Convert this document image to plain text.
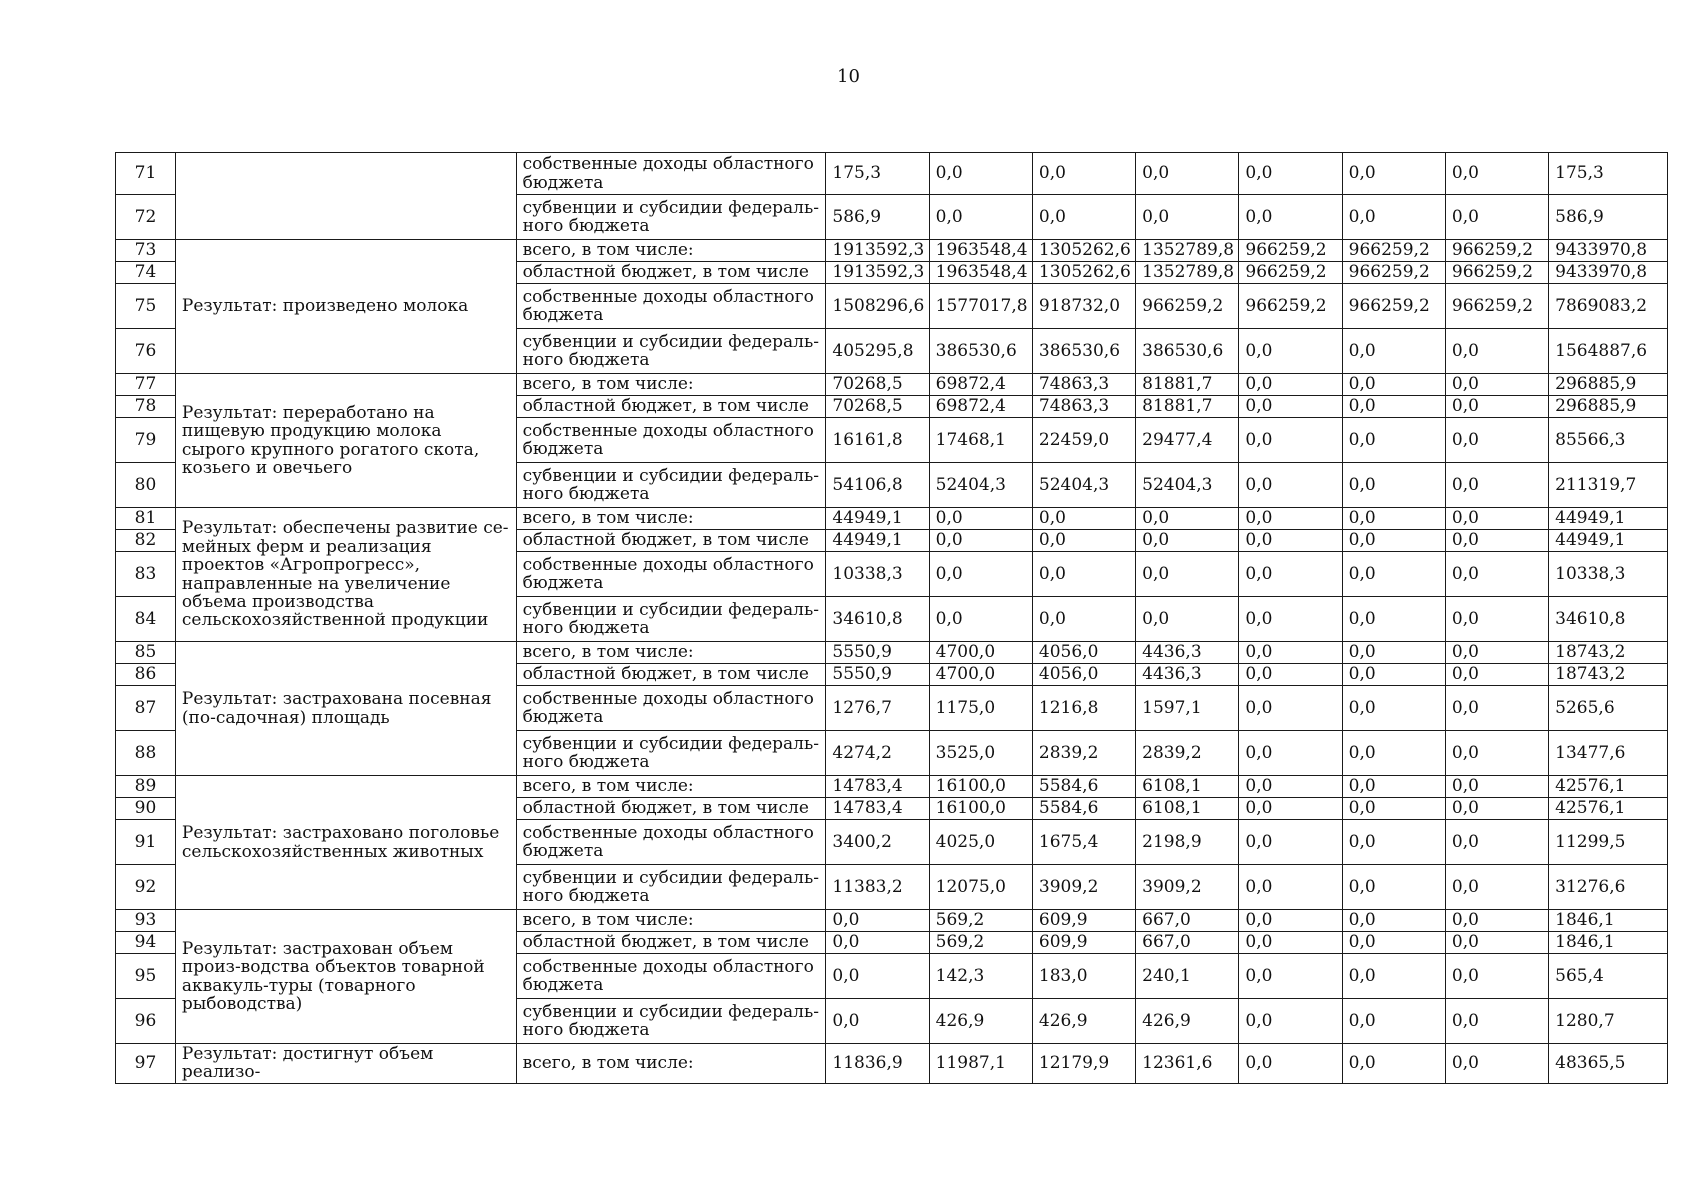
10
71		собственные доходы областного бюджета	175,3	0,0	0,0	0,0	0,0	0,0	0,0	175,3
72		субвенции и субсидии федераль-ного бюджета	586,9	0,0	0,0	0,0	0,0	0,0	0,0	586,9
73	Результат: произведено молока	всего, в том числе:	1913592,3	1963548,4	1305262,6	1352789,8	966259,2	966259,2	966259,2	9433970,8
74		областной бюджет, в том числе	1913592,3	1963548,4	1305262,6	1352789,8	966259,2	966259,2	966259,2	9433970,8
75		собственные доходы областного бюджета	1508296,6	1577017,8	918732,0	966259,2	966259,2	966259,2	966259,2	7869083,2
76		субвенции и субсидии федераль-ного бюджета	405295,8	386530,6	386530,6	386530,6	0,0	0,0	0,0	1564887,6
77	Результат: переработано на пищевую продукцию молока сырого крупного рогатого скота, козьего и овечьего	всего, в том числе:	70268,5	69872,4	74863,3	81881,7	0,0	0,0	0,0	296885,9
78		областной бюджет, в том числе	70268,5	69872,4	74863,3	81881,7	0,0	0,0	0,0	296885,9
79		собственные доходы областного бюджета	16161,8	17468,1	22459,0	29477,4	0,0	0,0	0,0	85566,3
80		субвенции и субсидии федераль-ного бюджета	54106,8	52404,3	52404,3	52404,3	0,0	0,0	0,0	211319,7
81	Результат: обеспечены развитие се-мейных ферм и реализация проектов «Агропрогресс», направленные на увеличение объема производства сельскохозяйственной продукции	всего, в том числе:	44949,1	0,0	0,0	0,0	0,0	0,0	0,0	44949,1
82		областной бюджет, в том числе	44949,1	0,0	0,0	0,0	0,0	0,0	0,0	44949,1
83		собственные доходы областного бюджета	10338,3	0,0	0,0	0,0	0,0	0,0	0,0	10338,3
84		субвенции и субсидии федераль-ного бюджета	34610,8	0,0	0,0	0,0	0,0	0,0	0,0	34610,8
85	Результат: застрахована посевная (по-садочная) площадь	всего, в том числе:	5550,9	4700,0	4056,0	4436,3	0,0	0,0	0,0	18743,2
86		областной бюджет, в том числе	5550,9	4700,0	4056,0	4436,3	0,0	0,0	0,0	18743,2
87		собственные доходы областного бюджета	1276,7	1175,0	1216,8	1597,1	0,0	0,0	0,0	5265,6
88		субвенции и субсидии федераль-ного бюджета	4274,2	3525,0	2839,2	2839,2	0,0	0,0	0,0	13477,6
89	Результат: застраховано поголовье сельскохозяйственных животных	всего, в том числе:	14783,4	16100,0	5584,6	6108,1	0,0	0,0	0,0	42576,1
90		областной бюджет, в том числе	14783,4	16100,0	5584,6	6108,1	0,0	0,0	0,0	42576,1
91		собственные доходы областного бюджета	3400,2	4025,0	1675,4	2198,9	0,0	0,0	0,0	11299,5
92		субвенции и субсидии федераль-ного бюджета	11383,2	12075,0	3909,2	3909,2	0,0	0,0	0,0	31276,6
93	Результат: застрахован объем произ-водства объектов товарной аквакуль-туры (товарного рыбоводства)	всего, в том числе:	0,0	569,2	609,9	667,0	0,0	0,0	0,0	1846,1
94		областной бюджет, в том числе	0,0	569,2	609,9	667,0	0,0	0,0	0,0	1846,1
95		собственные доходы областного бюджета	0,0	142,3	183,0	240,1	0,0	0,0	0,0	565,4
96		субвенции и субсидии федераль-ного бюджета	0,0	426,9	426,9	426,9	0,0	0,0	0,0	1280,7
97	Результат: достигнут объем реализо-	всего, в том числе:	11836,9	11987,1	12179,9	12361,6	0,0	0,0	0,0	48365,5
